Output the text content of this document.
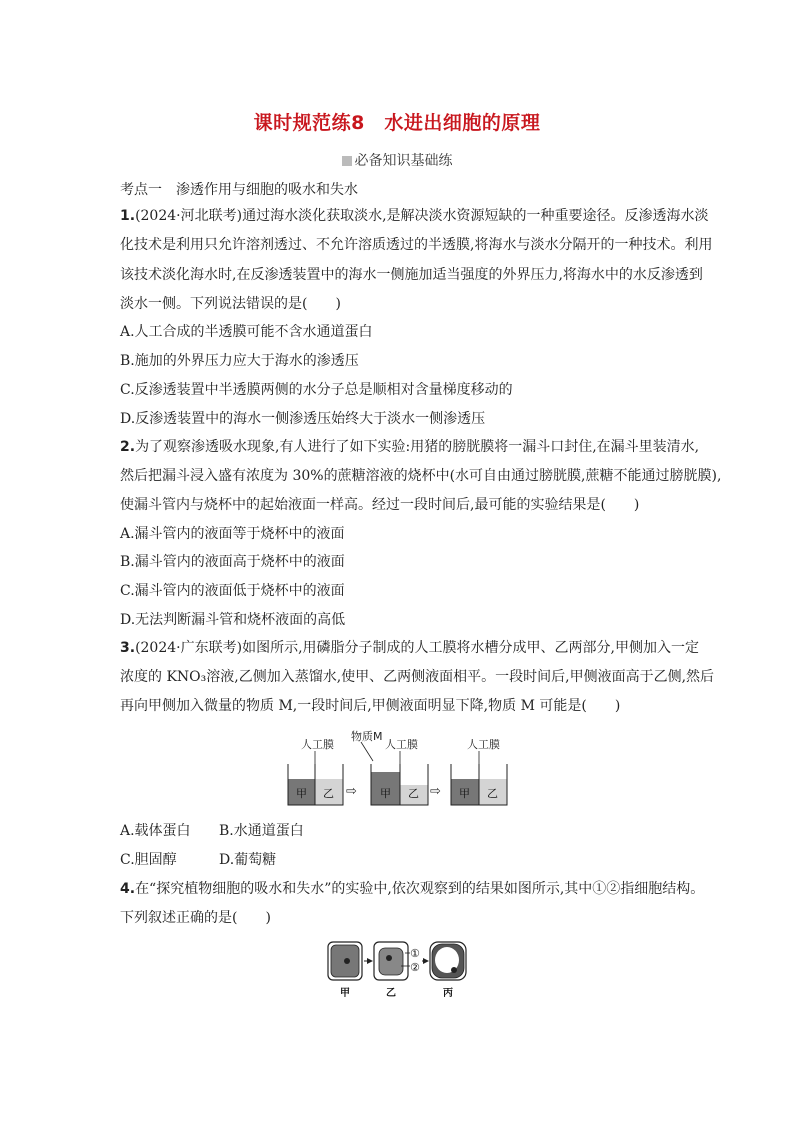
课时规范练8　水进出细胞的原理
必备知识基础练
考点一　渗透作用与细胞的吸水和失水
1.(2024·河北联考)通过海水淡化获取淡水,是解决淡水资源短缺的一种重要途径。反渗透海水淡
化技术是利用只允许溶剂透过、不允许溶质透过的半透膜,将海水与淡水分隔开的一种技术。利用
该技术淡化海水时,在反渗透装置中的海水一侧施加适当强度的外界压力,将海水中的水反渗透到
淡水一侧。下列说法错误的是(　　)
A.人工合成的半透膜可能不含水通道蛋白
B.施加的外界压力应大于海水的渗透压
C.反渗透装置中半透膜两侧的水分子总是顺相对含量梯度移动的
D.反渗透装置中的海水一侧渗透压始终大于淡水一侧渗透压
2.为了观察渗透吸水现象,有人进行了如下实验:用猪的膀胱膜将一漏斗口封住,在漏斗里装清水,
然后把漏斗浸入盛有浓度为 30%的蔗糖溶液的烧杯中(水可自由通过膀胱膜,蔗糖不能通过膀胱膜),
使漏斗管内与烧杯中的起始液面一样高。经过一段时间后,最可能的实验结果是(　　)
A.漏斗管内的液面等于烧杯中的液面
B.漏斗管内的液面高于烧杯中的液面
C.漏斗管内的液面低于烧杯中的液面
D.无法判断漏斗管和烧杯液面的高低
3.(2024·广东联考)如图所示,用磷脂分子制成的人工膜将水槽分成甲、乙两部分,甲侧加入一定
浓度的 KNO₃溶液,乙侧加入蒸馏水,使甲、乙两侧液面相平。一段时间后,甲侧液面高于乙侧,然后
再向甲侧加入微量的物质 M,一段时间后,甲侧液面明显下降,物质 M 可能是(　　)
人工膜
物质M
人工膜	人工膜
甲 乙 ⇨ 甲 乙 ⇨ 甲 乙
A.载体蛋白 B.水通道蛋白
C.胆固醇	D.葡萄糖
4.在“探究植物细胞的吸水和失水”的实验中,依次观察到的结果如图所示,其中①②指细胞结构。
下列叙述正确的是(　　)
①
②
甲	乙	丙
